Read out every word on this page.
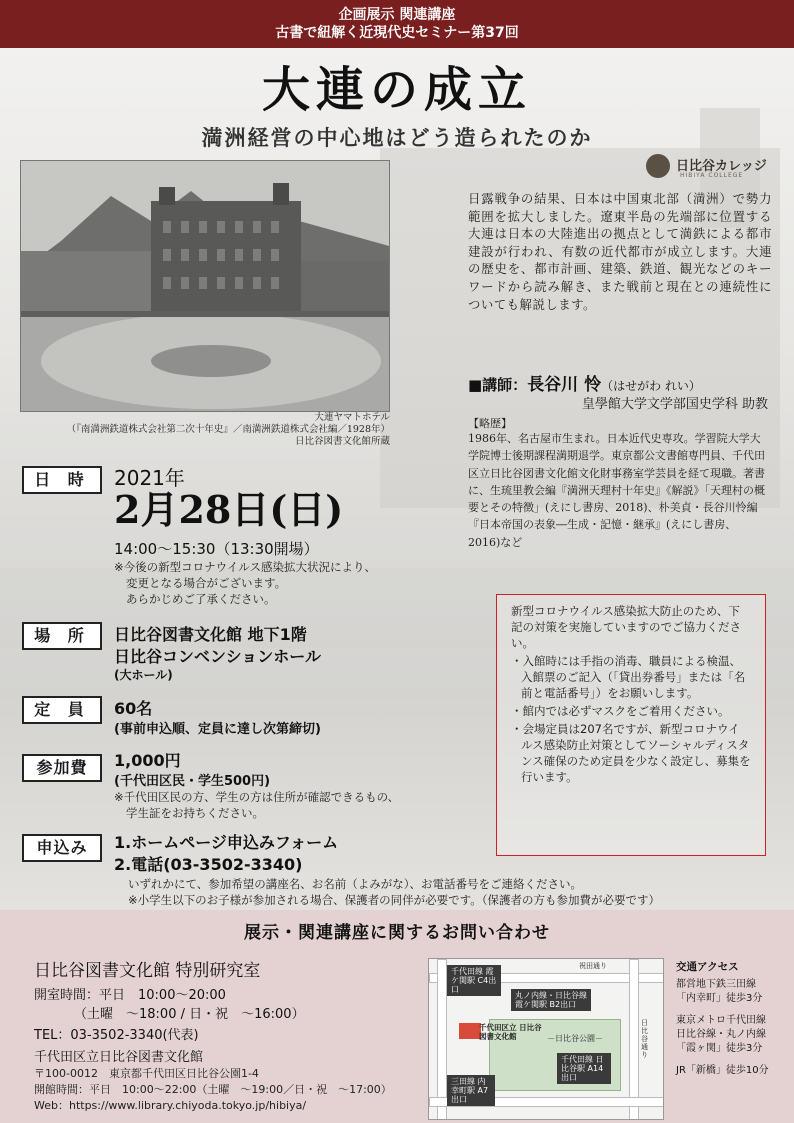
企画展示 関連講座
古書で紐解く近現代史セミナー第37回
大連の成立
満洲経営の中心地はどう造られたのか
日比谷カレッジ
HIBIYA COLLEGE
大連ヤマトホテル
（『南満洲鉄道株式会社第二次十年史』／南満洲鉄道株式会社編／1928年）
日比谷図書文化館所蔵
日露戦争の結果、日本は中国東北部（満洲）で勢力範囲を拡大しました。遼東半島の先端部に位置する大連は日本の大陸進出の拠点として満鉄による都市建設が行われ、有数の近代都市が成立します。大連の歴史を、都市計画、建築、鉄道、観光などのキーワードから読み解き、また戦前と現在との連続性についても解説します。
■講師：長谷川 怜（はせがわ れい）
皇學館大学文学部国史学科 助教
【略歴】
1986年、名古屋市生まれ。日本近代史専攻。学習院大学大学院博士後期課程満期退学。東京都公文書館専門員、千代田区立日比谷図書文化館文化財事務室学芸員を経て現職。著書に、生琉里教会編『満洲天理村十年史』《解説》「天理村の概要とその特徴」(えにし書房、2018)、朴美貞・長谷川怜編『日本帝国の表象―生成・記憶・継承』(えにし書房、2016)など
日 時	2021年
2月28日(日)
14:00～15:30（13:30開場）
※今後の新型コロナウイルス感染拡大状況により、
変更となる場合がございます。
あらかじめご了承ください。
場 所	日比谷図書文化館 地下1階
日比谷コンベンションホール
(大ホール)
定 員	60名
(事前申込順、定員に達し次第締切)
参加費	1,000円
(千代田区民・学生500円)
※千代田区民の方、学生の方は住所が確認できるもの、
学生証をお持ちください。
申込み	1.ホームページ申込みフォーム
2.電話(03-3502-3340)
いずれかにて、参加希望の講座名、お名前（よみがな）、お電話番号をご連絡ください。
※小学生以下のお子様が参加される場合、保護者の同伴が必要です。（保護者の方も参加費が必要です）
新型コロナウイルス感染拡大防止のため、下記の対策を実施していますのでご協力ください。
・入館時には手指の消毒、職員による検温、入館票のご記入（「貸出券番号」または「名前と電話番号」）をお願いします。
・館内では必ずマスクをご着用ください。
・会場定員は207名ですが、新型コロナウイルス感染防止対策としてソーシャルディスタンス確保のため定員を少なく設定し、募集を行います。
展示・関連講座に関するお問い合わせ
日比谷図書文化館 特別研究室
開室時間：平日　10:00～20:00
（土曜　～18:00 / 日・祝　～16:00）
TEL：03-3502-3340(代表)
千代田区立日比谷図書文化館
〒100-0012　東京都千代田区日比谷公園1-4
開館時間：平日　10:00～22:00（土曜　～19:00／日・祝　～17:00）
Web：https://www.library.chiyoda.tokyo.jp/hibiya/
－日比谷公園－
千代田区立 日比谷図書文化館
千代田線 霞ケ関駅 C4出口
丸ノ内線・日比谷線 霞ケ関駅 B2出口
千代田線 日比谷駅 A14出口
三田線 内幸町駅 A7出口
日比谷通り
祝田通り	交通アクセス
都営地下鉄三田線
「内幸町」徒歩3分
東京メトロ千代田線
日比谷線・丸ノ内線
「霞ヶ関」徒歩3分
JR「新橋」徒歩10分
